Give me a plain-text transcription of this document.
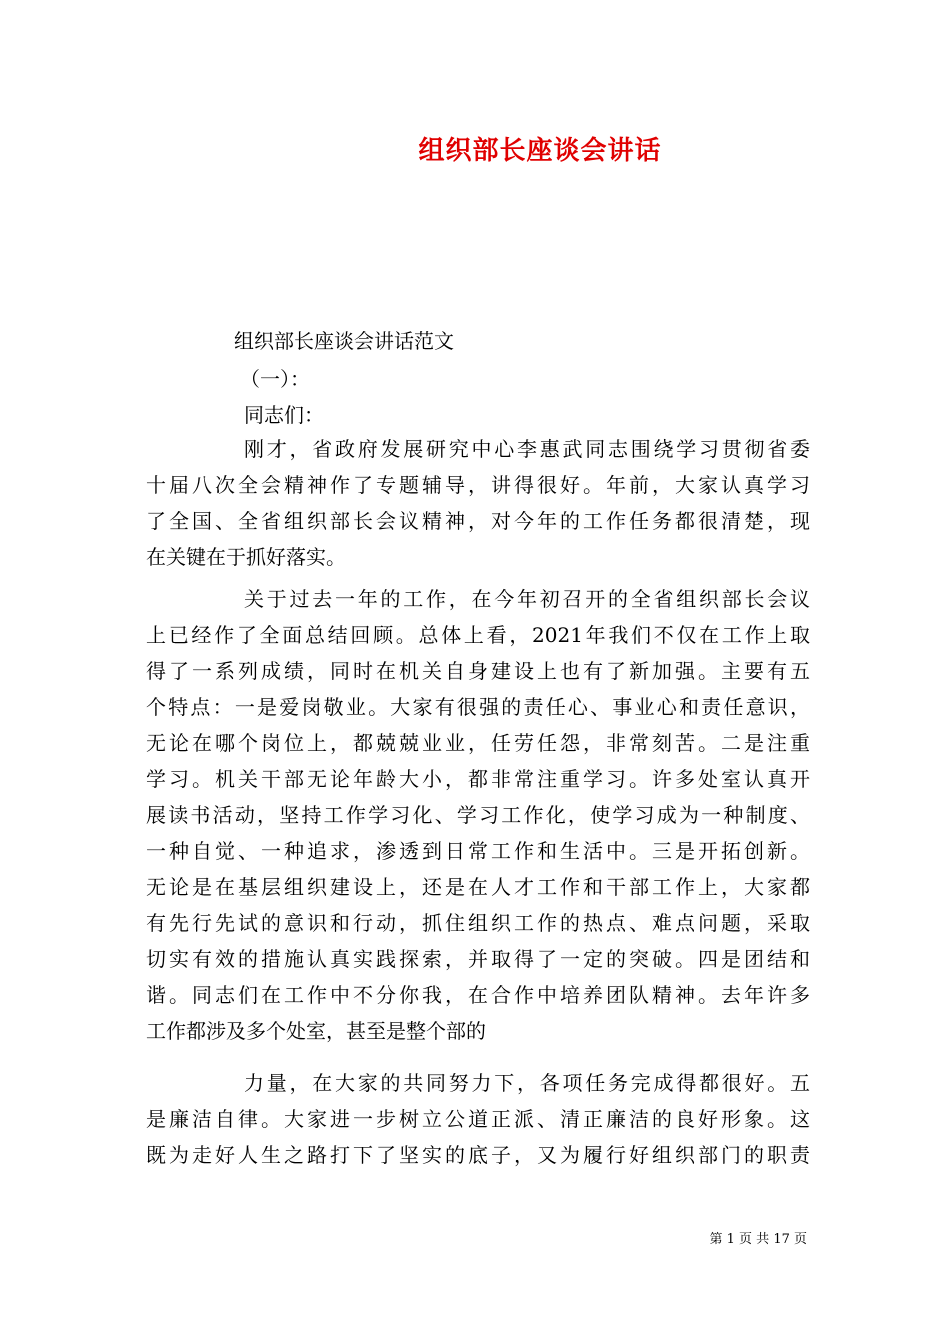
组织部长座谈会讲话
组织部长座谈会讲话范文
（一）：
同志们：
刚才，省政府发展研究中心李惠武同志围绕学习贯彻省委
十届八次全会精神作了专题辅导，讲得很好。年前，大家认真学习
了全国、全省组织部长会议精神，对今年的工作任务都很清楚，现
在关键在于抓好落实。
关于过去一年的工作，在今年初召开的全省组织部长会议
上已经作了全面总结回顾。总体上看，2021年我们不仅在工作上取
得了一系列成绩，同时在机关自身建设上也有了新加强。主要有五
个特点：一是爱岗敬业。大家有很强的责任心、事业心和责任意识，
无论在哪个岗位上，都兢兢业业，任劳任怨，非常刻苦。二是注重
学习。机关干部无论年龄大小，都非常注重学习。许多处室认真开
展读书活动，坚持工作学习化、学习工作化，使学习成为一种制度、
一种自觉、一种追求，渗透到日常工作和生活中。三是开拓创新。
无论是在基层组织建设上，还是在人才工作和干部工作上，大家都
有先行先试的意识和行动，抓住组织工作的热点、难点问题，采取
切实有效的措施认真实践探索，并取得了一定的突破。四是团结和
谐。同志们在工作中不分你我，在合作中培养团队精神。去年许多
工作都涉及多个处室，甚至是整个部的
力量，在大家的共同努力下，各项任务完成得都很好。五
是廉洁自律。大家进一步树立公道正派、清正廉洁的良好形象。这
既为走好人生之路打下了坚实的底子，又为履行好组织部门的职责
第 1 页 共 17 页
